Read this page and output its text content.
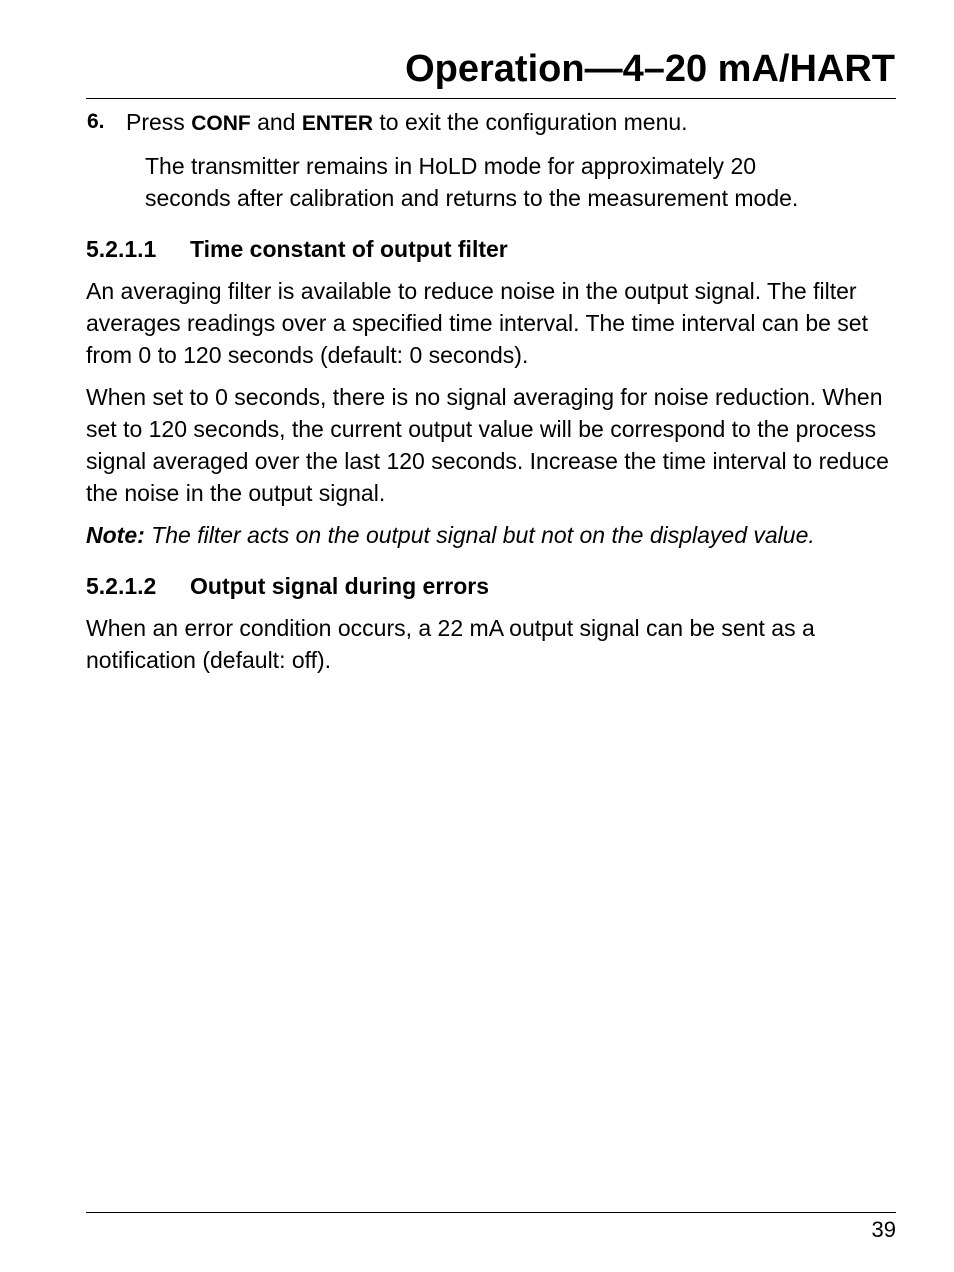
Operation—4–20 mA/HART
6. Press CONF and ENTER to exit the configuration menu.
The transmitter remains in HoLD mode for approximately 20 seconds after calibration and returns to the measurement mode.
5.2.1.1 Time constant of output filter

An averaging filter is available to reduce noise in the output signal. The filter averages readings over a specified time interval. The time interval can be set from 0 to 120 seconds (default: 0 seconds).

When set to 0 seconds, there is no signal averaging for noise reduction. When set to 120 seconds, the current output value will be correspond to the process signal averaged over the last 120 seconds. Increase the time interval to reduce the noise in the output signal.

Note: The filter acts on the output signal but not on the displayed value.

5.2.1.2 Output signal during errors

When an error condition occurs, a 22 mA output signal can be sent as a notification (default: off).

39
